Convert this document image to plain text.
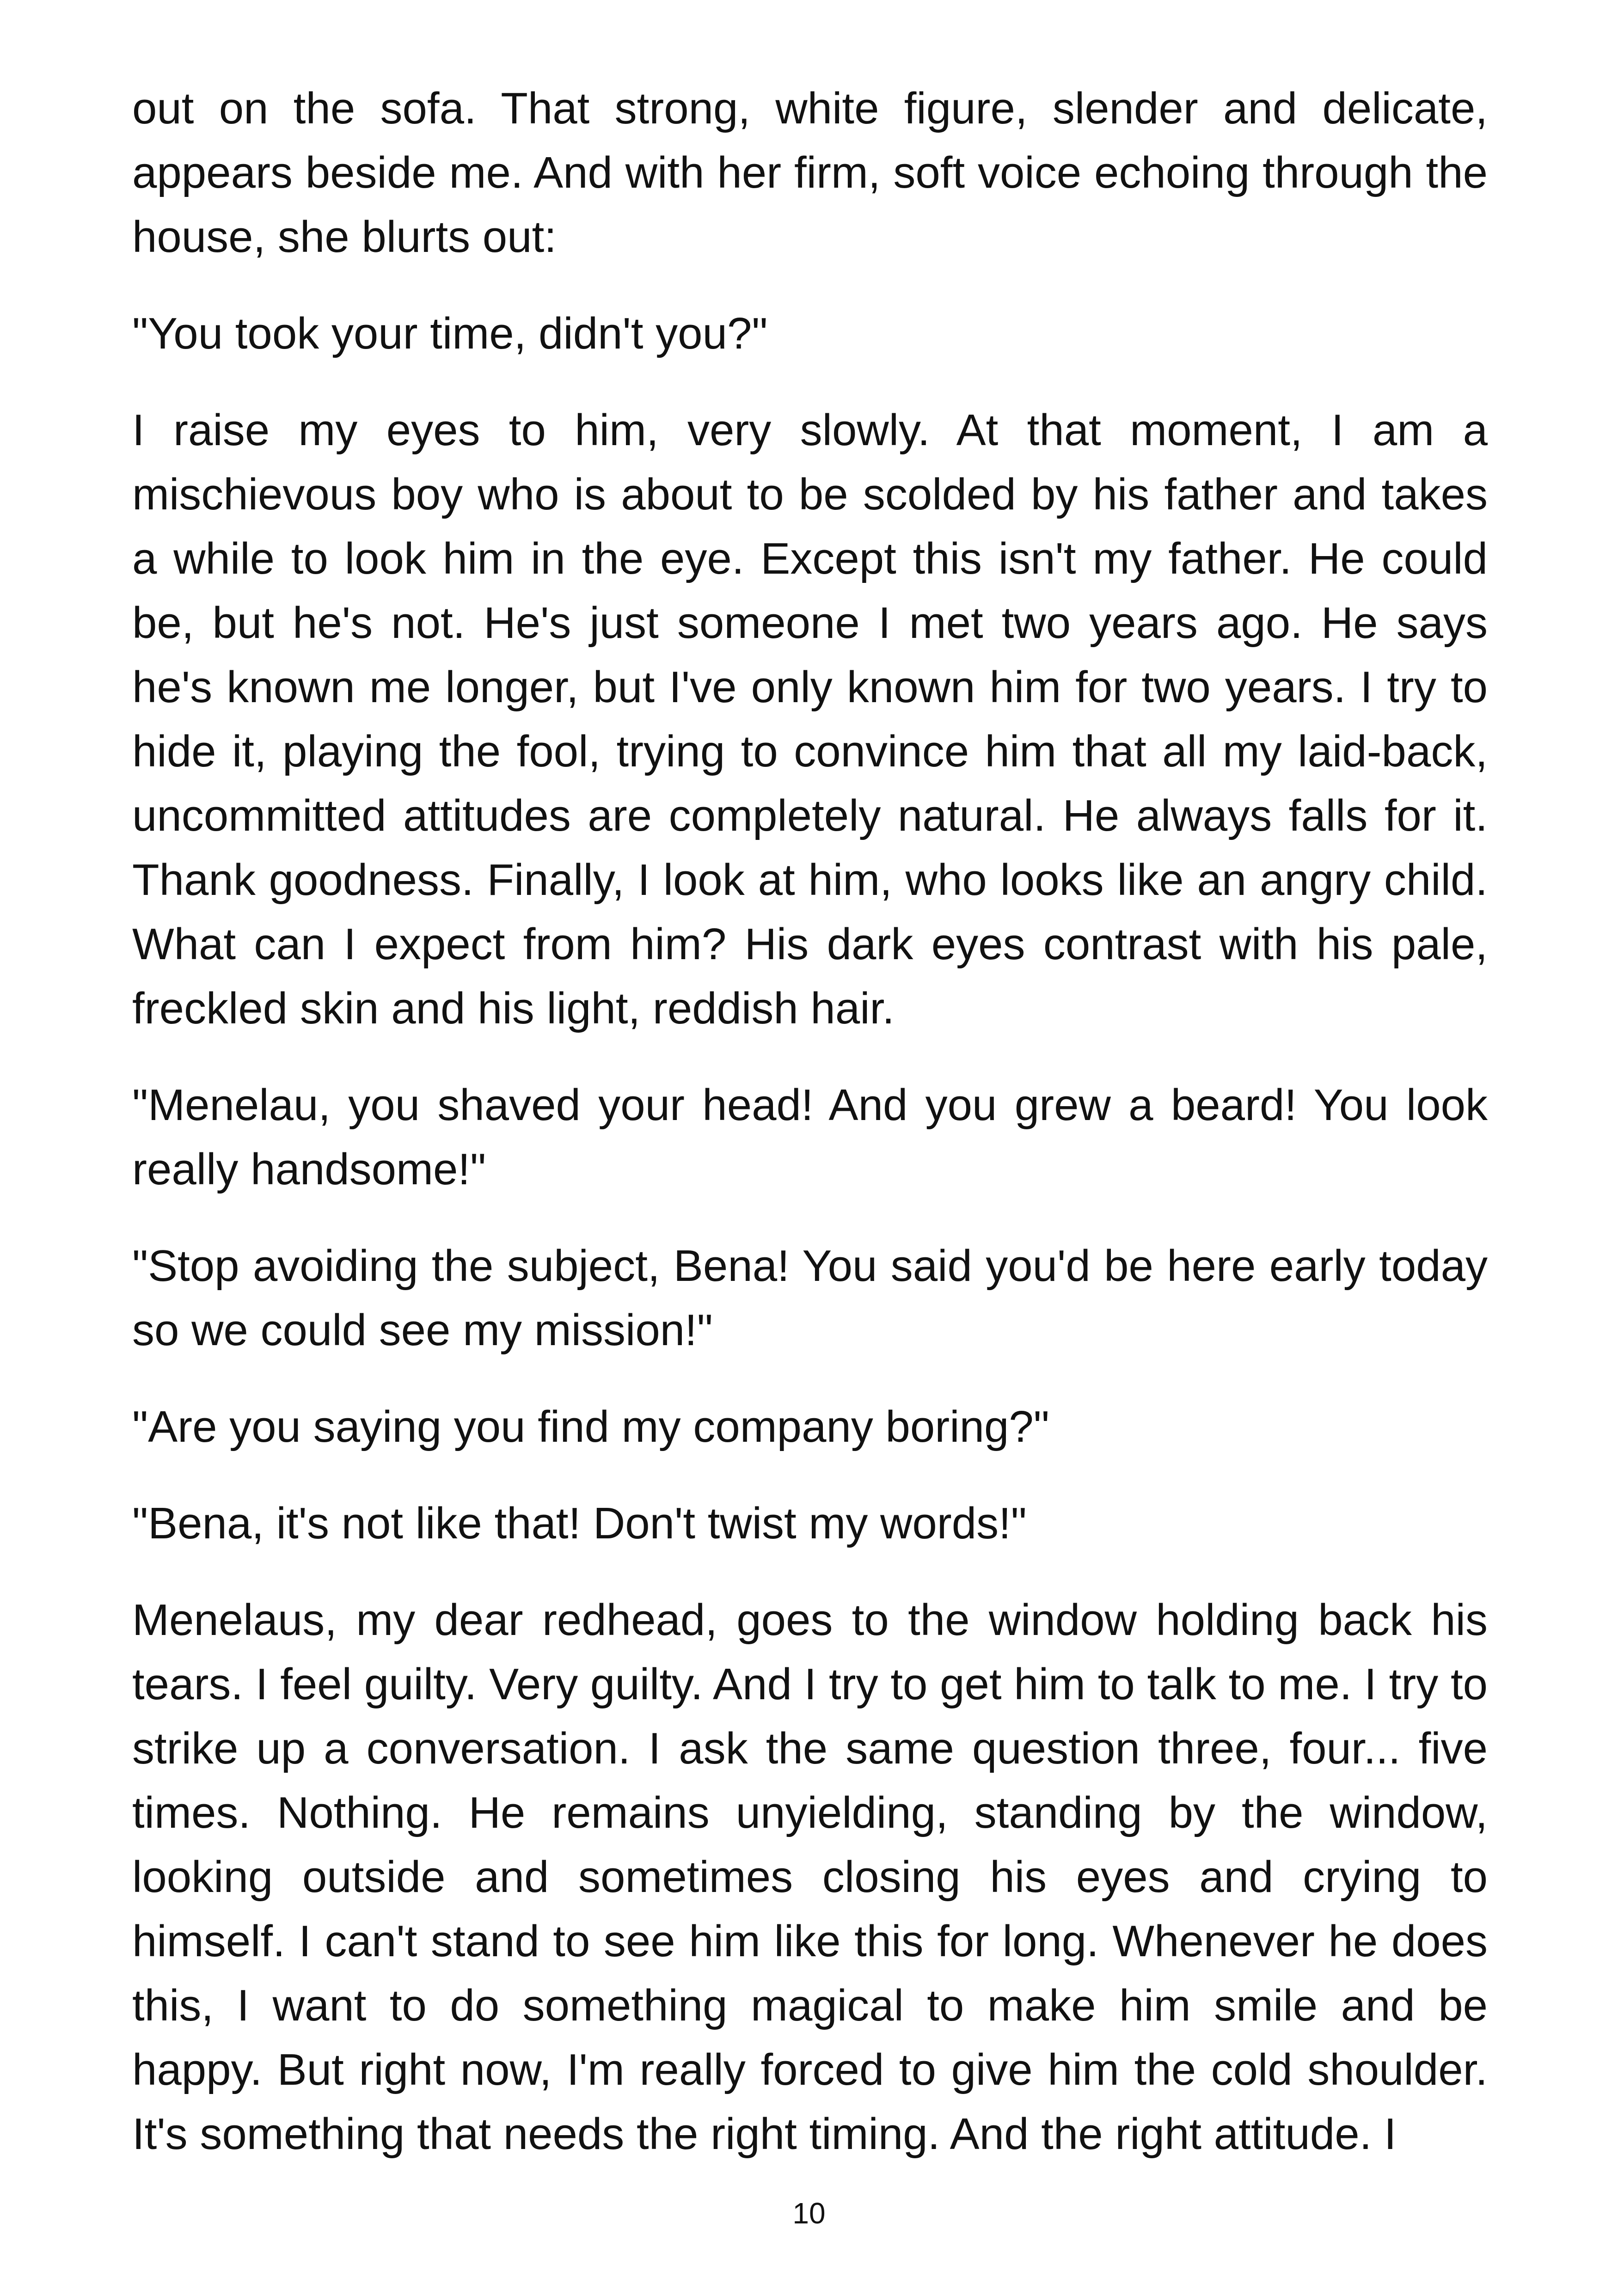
out on the sofa. That strong, white figure, slender and delicate, appears beside me. And with her firm, soft voice echoing through the house, she blurts out:

"You took your time, didn't you?"

I raise my eyes to him, very slowly. At that moment, I am a mischievous boy who is about to be scolded by his father and takes a while to look him in the eye. Except this isn't my father. He could be, but he's not. He's just someone I met two years ago. He says he's known me longer, but I've only known him for two years. I try to hide it, playing the fool, trying to convince him that all my laid-back, uncommitted attitudes are completely natural. He always falls for it. Thank goodness. Finally, I look at him, who looks like an angry child. What can I expect from him? His dark eyes contrast with his pale, freckled skin and his light, reddish hair.

"Menelau, you shaved your head! And you grew a beard! You look really handsome!"

"Stop avoiding the subject, Bena! You said you'd be here early today so we could see my mission!"

"Are you saying you find my company boring?"

"Bena, it's not like that! Don't twist my words!"

Menelaus, my dear redhead, goes to the window holding back his tears. I feel guilty. Very guilty. And I try to get him to talk to me. I try to strike up a conversation. I ask the same question three, four... five times. Nothing. He remains unyielding, standing by the window, looking outside and sometimes closing his eyes and crying to himself. I can't stand to see him like this for long. Whenever he does this, I want to do something magical to make him smile and be happy. But right now, I'm really forced to give him the cold shoulder. It's something that needs the right timing. And the right attitude. I

10
